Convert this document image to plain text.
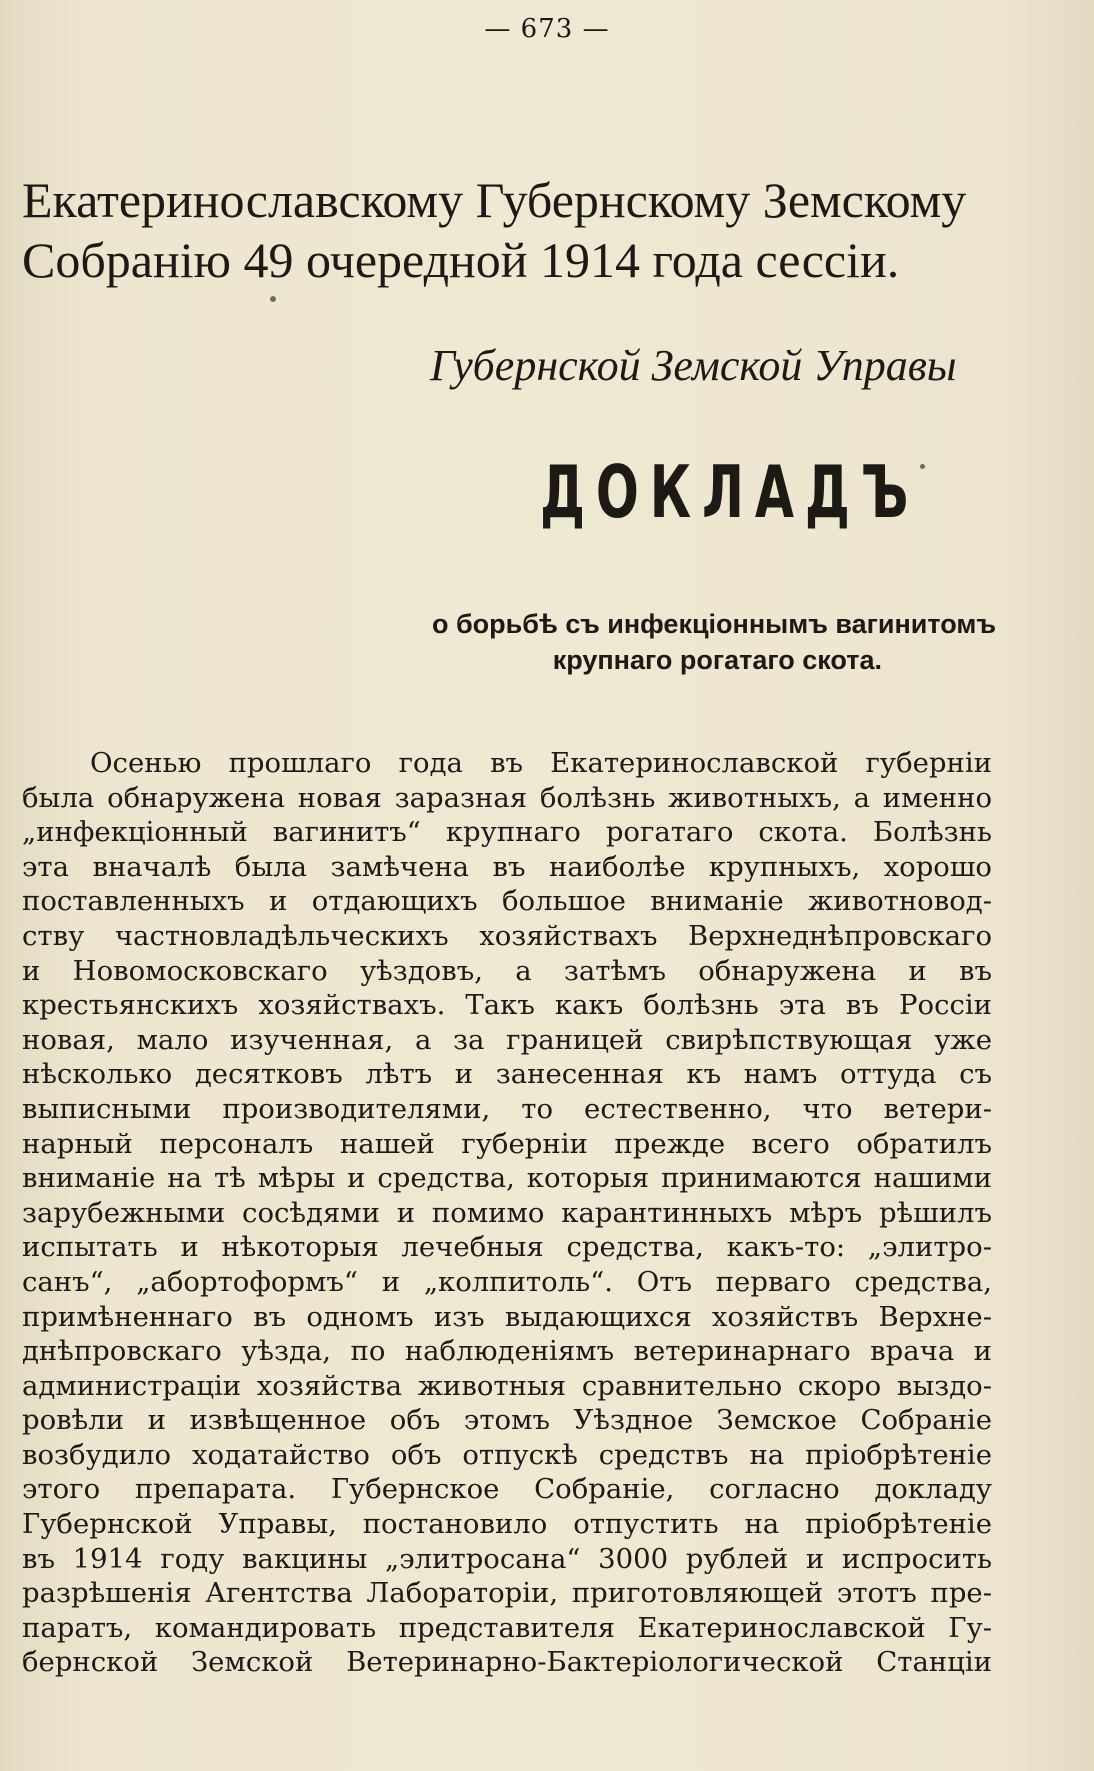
— 673 —
Екатеринославскому Губернскому Земскому
Собранію 49 очередной 1914 года сессіи.
Губернской Земской Управы
ДОКЛАДЪ
о борьбѣ съ инфекціоннымъ вагинитомъ
крупнаго рогатаго скота.
Осенью прошлаго года въ Екатеринославской губерніи
была обнаружена новая заразная болѣзнь животныхъ, а именно
„инфекціонный вагинитъ“ крупнаго рогатаго скота. Болѣзнь
эта вначалѣ была замѣчена въ наиболѣе крупныхъ, хорошо
поставленныхъ и отдающихъ большое вниманіе животновод-
ству частновладѣльческихъ хозяйствахъ Верхнеднѣпровскаго
и Новомосковскаго уѣздовъ, а затѣмъ обнаружена и въ
крестьянскихъ хозяйствахъ. Такъ какъ болѣзнь эта въ Россіи
новая, мало изученная, а за границей свирѣпствующая уже
нѣсколько десятковъ лѣтъ и занесенная къ намъ оттуда съ
выписными производителями, то естественно, что ветери-
нарный персоналъ нашей губерніи прежде всего обратилъ
вниманіе на тѣ мѣры и средства, которыя принимаются нашими
зарубежными сосѣдями и помимо карантинныхъ мѣръ рѣшилъ
испытать и нѣкоторыя лечебныя средства, какъ-то: „элитро-
санъ“, „абортоформъ“ и „колпитоль“. Отъ перваго средства,
примѣненнаго въ одномъ изъ выдающихся хозяйствъ Верхне-
днѣпровскаго уѣзда, по наблюденіямъ ветеринарнаго врача и
администраціи хозяйства животныя сравнительно скоро выздо-
ровѣли и извѣщенное объ этомъ Уѣздное Земское Собраніе
возбудило ходатайство объ отпускѣ средствъ на пріобрѣтеніе
этого препарата. Губернское Собраніе, согласно докладу
Губернской Управы, постановило отпустить на пріобрѣтеніе
въ 1914 году вакцины „элитросана“ 3000 рублей и испросить
разрѣшенія Агентства Лабораторіи, приготовляющей этотъ пре-
паратъ, командировать представителя Екатеринославской Гу-
бернской Земской Ветеринарно-Бактеріологической Станціи
